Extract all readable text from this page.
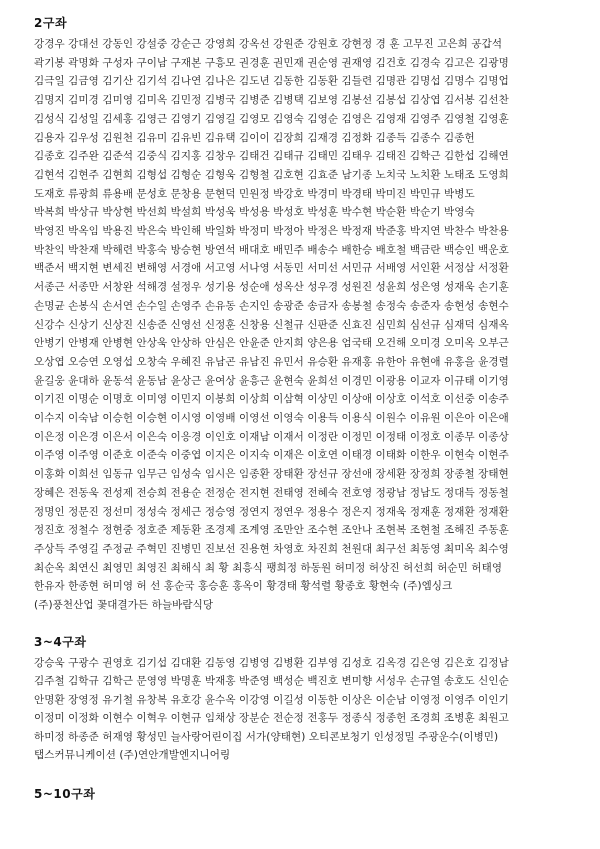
2구좌
강경우 강대선 강동인 강설중 강순근 강영희 강옥선 강원준 강원호 강현정 경 훈 고무진 고은희 공갑석
곽기봉 곽명화 구성자 구이남 구재본 구흥모 권경훈 권민재 권순영 권재영 김건호 김경숙 김고은 김광명
김극일 김금영 김기산 김기석 김나연 김나은 김도년 김동한 김동환 김들련 김명관 김명섭 김명수 김명업
김명지 김미경 김미영 김미옥 김민정 김병국 김병준 김병택 김보영 김봉선 김봉섭 김상엽 김서봉 김선찬
김성식 김성일 김세홍 김영근 김영기 김영길 김영모 김영숙 김영순 김영은 김영재 김영주 김영철 김영훈
김용자 김우성 김원천 김유미 김유빈 김유택 김이이 김장희 김재경 김정화 김종득 김종수 김종헌
김종호 김주완 김준석 김중식 김지홍 김창우 김태건 김태규 김태민 김태우 김태진 김학근 김한섭 김해연
김현석 김현주 김현희 김형섭 김형순 김형욱 김형철 김호현 김효준 남기종 노치국 노치환 노태조 도영희
도재호 류광희 류용배 문성호 문창용 문현덕 민원정 박강호 박경미 박경태 박미진 박민규 박병도
박복희 박상규 박상현 박선희 박설희 박성욱 박성용 박성호 박성훈 박수현 박순환 박순기 박영숙
박영진 박옥임 박용진 박은숙 박인해 박일화 박정미 박정아 박정은 박정재 박준홍 박지연 박찬수 박찬용
박찬익 박찬재 박해련 박홍숙 방승현 방연석 배대호 배민주 배송수 배한승 배호철 백금란 백승인 백운호
백준서 백지현 변세진 변해영 서경애 서고영 서나영 서동민 서미선 서민규 서배영 서인환 서정삼 서정환
서종근 서종만 서창완 석해경 설정우 성기용 성순애 성옥산 성우경 성원진 성윤희 성은영 성재욱 손기훈
손명균 손봉식 손서연 손수일 손영주 손유동 손지인 송광준 송금자 송봉철 송정숙 송준자 송현성 송현수
신강수 신상기 신상진 신송준 신영선 신정훈 신창용 신철규 신판준 신효진 심민희 심선규 심재덕 심재옥
안병기 안병재 안병현 안상욱 안상하 안심은 안윤준 안지희 양은용 엄국태 오건해 오미경 오미옥 오부근
오상엽 오승연 오영섭 오창숙 우혜진 유남곤 유남진 유민서 유승환 유재홍 유한아 유현애 유홍을 윤경렬
윤길웅 윤대하 윤동석 윤동남 윤상근 윤여상 윤흥근 윤현숙 윤희선 이경민 이광용 이교자 이규태 이기영
이기진 이명순 이명호 이미영 이민지 이봉희 이상희 이삼혁 이상민 이상애 이상호 이석호 이선중 이송주
이수지 이숙남 이승헌 이승현 이시영 이영배 이영선 이영숙 이용득 이용식 이원수 이유원 이은아 이은애
이은정 이은경 이은서 이은숙 이응경 이인호 이재남 이재서 이정란 이정민 이정태 이정호 이종무 이종상
이주영 이주영 이준호 이준숙 이중엽 이지은 이지숙 이재은 이호연 이태경 이태화 이한우 이현숙 이현주
이홍화 이희선 임동규 임무근 임성숙 임시은 임종환 장태환 장선규 장선애 장세환 장정희 장종철 장태현
장혜은 전동욱 전성제 전승희 전용순 전정순 전지현 전태영 전혜숙 전호영 정광남 정남도 정대득 정동철
정명인 정문진 정선미 정성숙 정세근 정승영 정연지 정연우 정용수 정은지 정재욱 정재훈 정재환 정재환
정진호 정철수 정현중 정호준 제동환 조경제 조계영 조만안 조수현 조안나 조현복 조현철 조해진 주동훈
주상득 주영길 주정균 주혁민 진병민 진보선 진용현 차영호 차진희 천원대 최구선 최동영 최미옥 최수영
최순옥 최연신 최영민 최영진 최해식 최 황 최흥식 팽희정 하동원 허미정 허상진 허선희 허순민 허태영
한유자 한종현 허미영 허 선 홍순국 홍승훈 홍옥이 황경태 황석렬 황종호 황현숙 (주)엠싱크
(주)풍천산업 꽃대결가든 하늘바람식당
3~4구좌
강승욱 구광수 권영호 김기섭 김대환 김동영 김병영 김병환 김부영 김성호 김옥경 김은영 김은호 김정남
김주철 김학규 김학근 문영영 박명훈 박재홍 박준영 백성순 백진호 변미향 서성우 손규열 송호도 신인순
안명환 장영정 유기철 유창복 유호강 윤수옥 이강영 이길성 이동한 이상은 이순남 이영정 이영주 이인기
이정미 이정화 이현수 이혁우 이현규 임채상 장분순 전순정 전홍두 정종식 정종헌 조경희 조병훈 최원고
하미정 하종준 허재영 황성민 늘사랑어린이집 서가(양태현) 오티콘보청기 인성정밀 주광운수(이병민)
탭스커뮤니케이션 (주)연안개발엔지니어링
5~10구좌
